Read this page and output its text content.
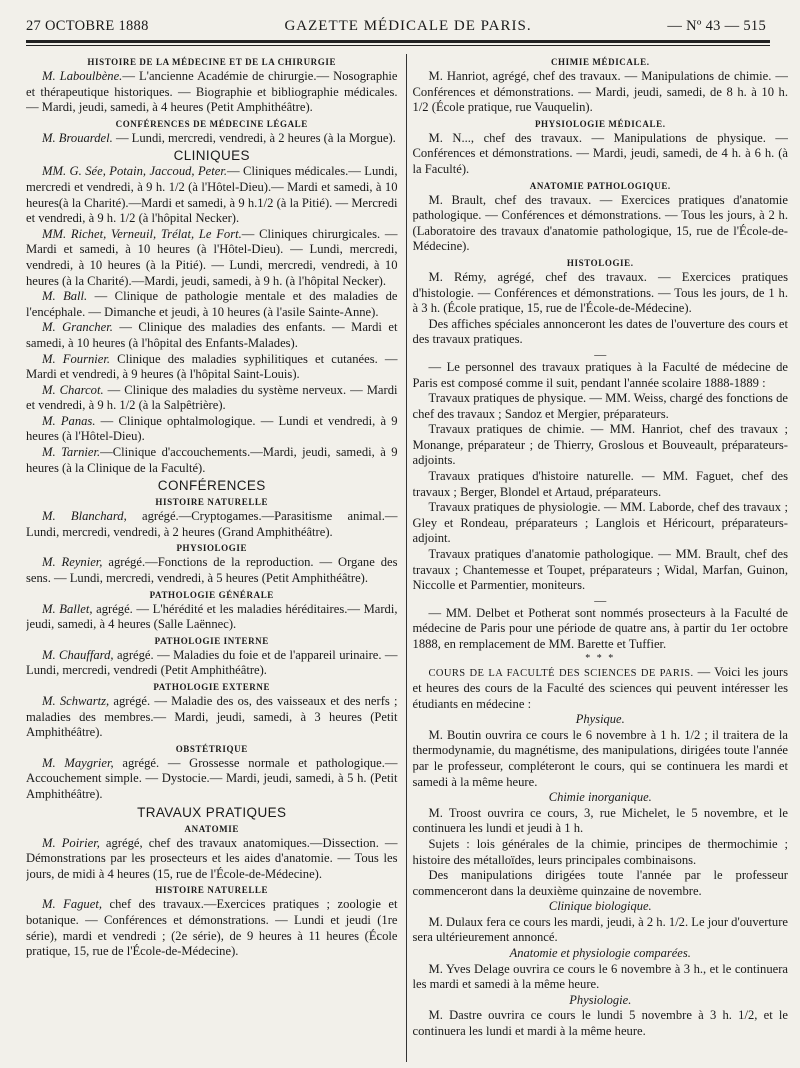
27 OCTOBRE 1888	GAZETTE MÉDICALE DE PARIS.	— Nº 43 — 515
HISTOIRE DE LA MÉDECINE ET DE LA CHIRURGIE

M. Laboulbène.— L'ancienne Académie de chirurgie.— Nosographie et thérapeutique historiques. — Biographie et bibliographie médicales. — Mardi, jeudi, samedi, à 4 heures (Petit Amphithéâtre).

CONFÉRENCES DE MÉDECINE LÉGALE

M. Brouardel. — Lundi, mercredi, vendredi, à 2 heures (à la Morgue).

CLINIQUES

MM. G. Sée, Potain, Jaccoud, Peter.— Cliniques médicales.— Lundi, mercredi et vendredi, à 9 h. 1/2 (à l'Hôtel-Dieu).— Mardi et samedi, à 10 heures(à la Charité).—Mardi et samedi, à 9 h.1/2 (à la Pitié). — Mercredi et vendredi, à 9 h. 1/2 (à l'hôpital Necker).

MM. Richet, Verneuil, Trélat, Le Fort.— Cliniques chirurgicales. — Mardi et samedi, à 10 heures (à l'Hôtel-Dieu). — Lundi, mercredi, vendredi, à 10 heures (à la Pitié). — Lundi, mercredi, vendredi, à 10 heures (à la Charité).—Mardi, jeudi, samedi, à 9 h. (à l'hôpital Necker).

M. Ball. — Clinique de pathologie mentale et des maladies de l'encéphale. — Dimanche et jeudi, à 10 heures (à l'asile Sainte-Anne).

M. Grancher. — Clinique des maladies des enfants. — Mardi et samedi, à 10 heures (à l'hôpital des Enfants-Malades).

M. Fournier. Clinique des maladies syphilitiques et cutanées. — Mardi et vendredi, à 9 heures (à l'hôpital Saint-Louis).

M. Charcot. — Clinique des maladies du système nerveux. — Mardi et vendredi, à 9 h. 1/2 (à la Salpêtrière).

M. Panas. — Clinique ophtalmologique. — Lundi et vendredi, à 9 heures (à l'Hôtel-Dieu).

M. Tarnier.—Clinique d'accouchements.—Mardi, jeudi, samedi, à 9 heures (à la Clinique de la Faculté).

CONFÉRENCES
HISTOIRE NATURELLE

M. Blanchard, agrégé.—Cryptogames.—Parasitisme animal.— Lundi, mercredi, vendredi, à 2 heures (Grand Amphithéâtre).

PHYSIOLOGIE

M. Reynier, agrégé.—Fonctions de la reproduction. — Organe des sens. — Lundi, mercredi, vendredi, à 5 heures (Petit Amphithéâtre).

PATHOLOGIE GÉNÉRALE

M. Ballet, agrégé. — L'hérédité et les maladies héréditaires.— Mardi, jeudi, samedi, à 4 heures (Salle Laënnec).

PATHOLOGIE INTERNE

M. Chauffard, agrégé. — Maladies du foie et de l'appareil urinaire. — Lundi, mercredi, vendredi (Petit Amphithéâtre).

PATHOLOGIE EXTERNE

M. Schwartz, agrégé. — Maladie des os, des vaisseaux et des nerfs ; maladies des membres.— Mardi, jeudi, samedi, à 3 heures (Petit Amphithéâtre).

OBSTÉTRIQUE

M. Maygrier, agrégé. — Grossesse normale et pathologique.— Accouchement simple. — Dystocie.— Mardi, jeudi, samedi, à 5 h. (Petit Amphithéâtre).

TRAVAUX PRATIQUES
ANATOMIE

M. Poirier, agrégé, chef des travaux anatomiques.—Dissection. — Démonstrations par les prosecteurs et les aides d'anatomie. — Tous les jours, de midi à 4 heures (15, rue de l'École-de-Médecine).

HISTOIRE NATURELLE

M. Faguet, chef des travaux.—Exercices pratiques ; zoologie et botanique. — Conférences et démonstrations. — Lundi et jeudi (1re série), mardi et vendredi ; (2e série), de 9 heures à 11 heures (École pratique, 15, rue de l'École-de-Médecine).

CHIMIE MÉDICALE.

M. Hanriot, agrégé, chef des travaux. — Manipulations de chimie. — Conférences et démonstrations. — Mardi, jeudi, samedi, de 8 h. à 10 h. 1/2 (École pratique, rue Vauquelin).

PHYSIOLOGIE MÉDICALE.

M. N..., chef des travaux. — Manipulations de physique. — Conférences et démonstrations. — Mardi, jeudi, samedi, de 4 h. à 6 h. (à la Faculté).

ANATOMIE PATHOLOGIQUE.

M. Brault, chef des travaux. — Exercices pratiques d'anatomie pathologique. — Conférences et démonstrations. — Tous les jours, à 2 h. (Laboratoire des travaux d'anatomie pathologique, 15, rue de l'École-de-Médecine).

HISTOLOGIE.

M. Rémy, agrégé, chef des travaux. — Exercices pratiques d'histologie. — Conférences et démonstrations. — Tous les jours, de 1 h. à 3 h. (École pratique, 15, rue de l'École-de-Médecine).

Des affiches spéciales annonceront les dates de l'ouverture des cours et des travaux pratiques.

—

— Le personnel des travaux pratiques à la Faculté de médecine de Paris est composé comme il suit, pendant l'année scolaire 1888-1889 :

Travaux pratiques de physique. — MM. Weiss, chargé des fonctions de chef des travaux ; Sandoz et Mergier, préparateurs.

Travaux pratiques de chimie. — MM. Hanriot, chef des travaux ; Monange, préparateur ; de Thierry, Groslous et Bouveault, préparateurs-adjoints.

Travaux pratiques d'histoire naturelle. — MM. Faguet, chef des travaux ; Berger, Blondel et Artaud, préparateurs.

Travaux pratiques de physiologie. — MM. Laborde, chef des travaux ; Gley et Rondeau, préparateurs ; Langlois et Héricourt, préparateurs-adjoint.

Travaux pratiques d'anatomie pathologique. — MM. Brault, chef des travaux ; Chantemesse et Toupet, préparateurs ; Widal, Marfan, Guinon, Niccolle et Parmentier, moniteurs.

—

— MM. Delbet et Potherat sont nommés prosecteurs à la Faculté de médecine de Paris pour une période de quatre ans, à partir du 1er octobre 1888, en remplacement de MM. Barette et Tuffier.

* * *

COURS DE LA FACULTÉ DES SCIENCES DE PARIS. — Voici les jours et heures des cours de la Faculté des sciences qui peuvent intéresser les étudiants en médecine :

Physique.

M. Boutin ouvrira ce cours le 6 novembre à 1 h. 1/2 ; il traitera de la thermodynamie, du magnétisme, des manipulations, dirigées toute l'année par le professeur, compléteront le cours, qui se continuera les mardi et samedi à la même heure.

Chimie inorganique.

M. Troost ouvrira ce cours, 3, rue Michelet, le 5 novembre, et le continuera les lundi et jeudi à 1 h.

Sujets : lois générales de la chimie, principes de thermochimie ; histoire des métalloïdes, leurs principales combinaisons.

Des manipulations dirigées toute l'année par le professeur commenceront dans la deuxième quinzaine de novembre.

Clinique biologique.

M. Dulaux fera ce cours les mardi, jeudi, à 2 h. 1/2. Le jour d'ouverture sera ultérieurement annoncé.

Anatomie et physiologie comparées.

M. Yves Delage ouvrira ce cours le 6 novembre à 3 h., et le continuera les mardi et samedi à la même heure.

Physiologie.

M. Dastre ouvrira ce cours le lundi 5 novembre à 3 h. 1/2, et le continuera les lundi et mardi à la même heure.
